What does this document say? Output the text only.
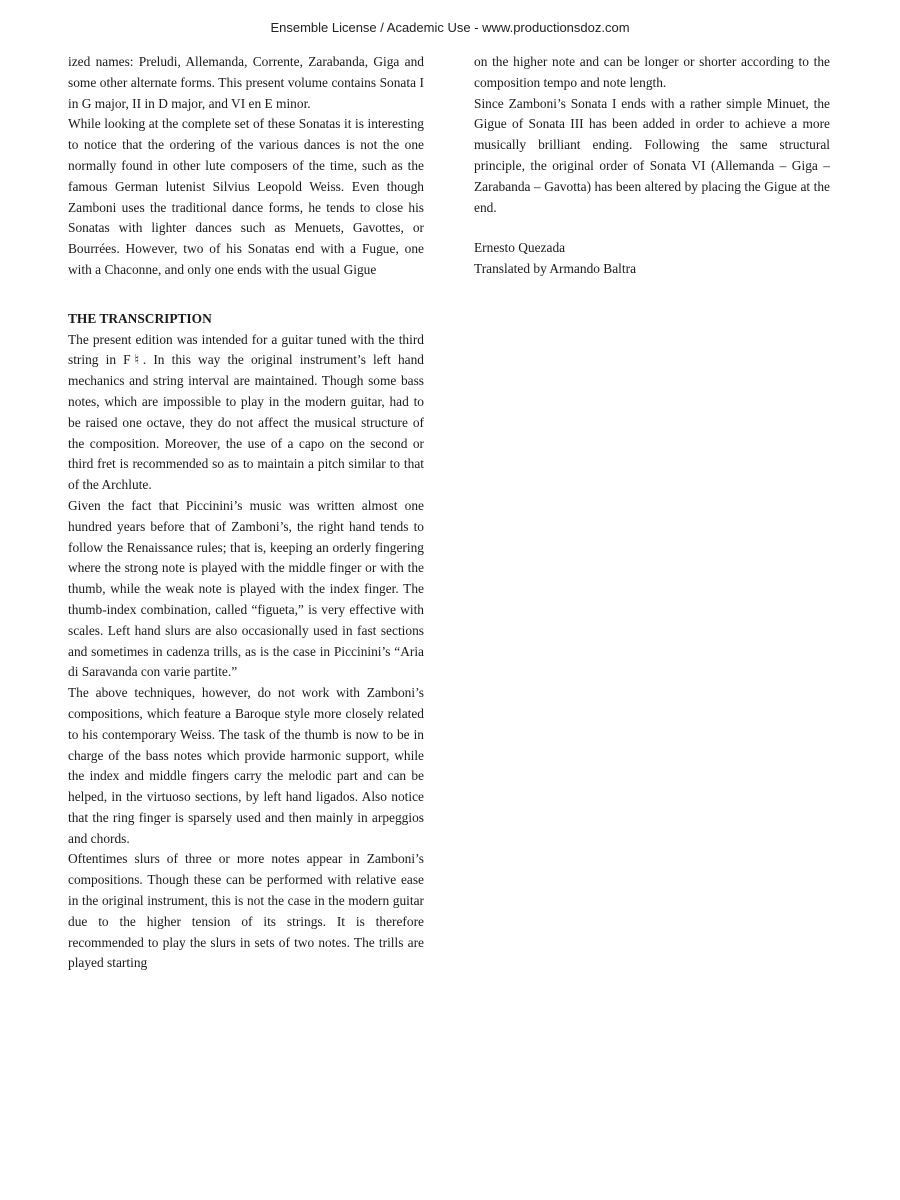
Ensemble License / Academic Use - www.productionsdoz.com

ized names: Preludi, Allemanda, Corrente, Zarabanda, Giga and some other alternate forms. This present volume contains Sonata I in G major, II in D major, and VI en E minor.

While looking at the complete set of these Sonatas it is interesting to notice that the ordering of the various dances is not the one normally found in other lute composers of the time, such as the famous German lutenist Silvius Leopold Weiss. Even though Zamboni uses the traditional dance forms, he tends to close his Sonatas with lighter dances such as Menuets, Gavottes, or Bourrées. However, two of his Sonatas end with a Fugue, one with a Chaconne, and only one ends with the usual Gigue

THE TRANSCRIPTION

The present edition was intended for a guitar tuned with the third string in F♮. In this way the original instrument’s left hand mechanics and string interval are maintained. Though some bass notes, which are impossible to play in the modern guitar, had to be raised one octave, they do not affect the musical structure of the composition. Moreover, the use of a capo on the second or third fret is recommended so as to maintain a pitch similar to that of the Archlute.

Given the fact that Piccinini’s music was written almost one hundred years before that of Zamboni’s, the right hand tends to follow the Renaissance rules; that is, keeping an orderly fingering where the strong note is played with the middle finger or with the thumb, while the weak note is played with the index finger. The thumb-index combination, called “figueta,” is very effective with scales. Left hand slurs are also occasionally used in fast sections and sometimes in cadenza trills, as is the case in Piccinini’s “Aria di Saravanda con varie partite.”

The above techniques, however, do not work with Zamboni’s compositions, which feature a Baroque style more closely related to his contemporary Weiss. The task of the thumb is now to be in charge of the bass notes which provide harmonic support, while the index and middle fingers carry the melodic part and can be helped, in the virtuoso sections, by left hand ligados. Also notice that the ring finger is sparsely used and then mainly in arpeggios and chords.

Oftentimes slurs of three or more notes appear in Zamboni’s compositions. Though these can be performed with relative ease in the original instrument, this is not the case in the modern guitar due to the higher tension of its strings. It is therefore recommended to play the slurs in sets of two notes. The trills are played starting

on the higher note and can be longer or shorter according to the composition tempo and note length.

Since Zamboni’s Sonata I ends with a rather simple Minuet, the Gigue of Sonata III has been added in order to achieve a more musically brilliant ending. Following the same structural principle, the original order of Sonata VI (Allemanda – Giga – Zarabanda – Gavotta) has been altered by placing the Gigue at the end.

Ernesto Quezada
Translated by Armando Baltra
